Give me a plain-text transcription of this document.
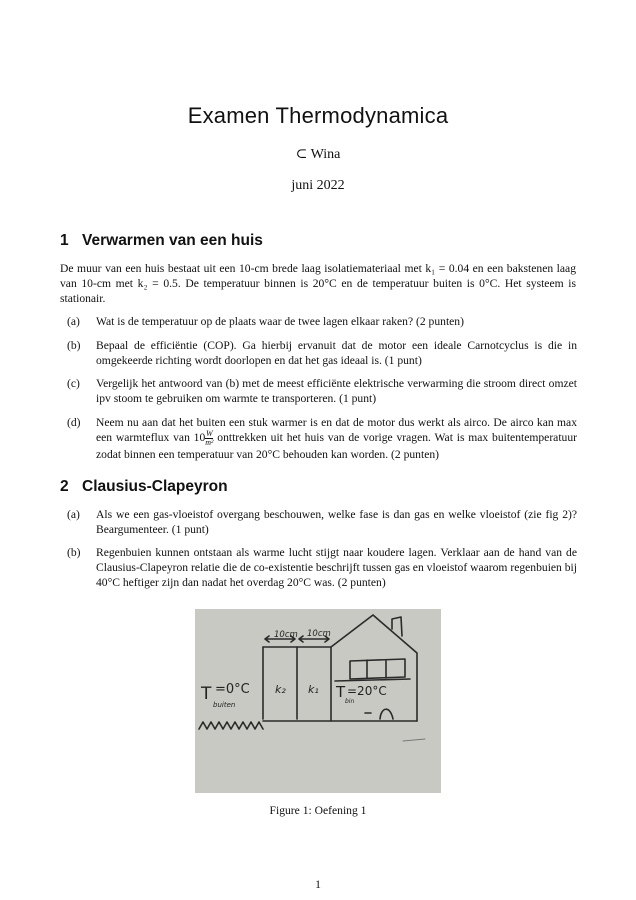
Examen Thermodynamica
⊂ Wina
juni 2022
1 Verwarmen van een huis
De muur van een huis bestaat uit een 10-cm brede laag isolatiemateriaal met k₁ = 0.04 en een bakstenen laag van 10-cm met k₂ = 0.5. De temperatuur binnen is 20°C en de temperatuur buiten is 0°C. Het systeem is stationair.
(a)	Wat is de temperatuur op de plaats waar de twee lagen elkaar raken? (2 punten)
(b)	Bepaal de efficiëntie (COP). Ga hierbij ervanuit dat de motor een ideale Carnotcyclus is die in omgekeerde richting wordt doorlopen en dat het gas ideaal is. (1 punt)
(c)	Vergelijk het antwoord van (b) met de meest efficiënte elektrische verwarming die stroom direct omzet ipv stoom te gebruiken om warmte te transporteren. (1 punt)
(d)	Neem nu aan dat het buiten een stuk warmer is en dat de motor dus werkt als airco. De airco kan max een warmteflux van $10 \frac{W}{\text{m²}}$ onttrekken uit het huis van de vorige vragen. Wat is max buitentemperatuur zodat binnen een temperatuur van 20°C behouden kan worden. (2 punten)
2 Clausius-Clapeyron
(a)	Als we een gas-vloeistof overgang beschouwen, welke fase is dan gas en welke vloeistof (zie fig 2)? Beargumenteer. (1 punt)
(b)	Regenbuien kunnen ontstaan als warme lucht stijgt naar koudere lagen. Verklaar aan de hand van de Clausius-Clapeyron relatie die de co-existentie beschrijft tussen gas en vloeistof waarom regenbuien bij 40°C heftiger zijn dan nadat het overdag 20°C was. (2 punten)
10cm 10cm
T
buiten
=0°C k₂ k₁ T
bin
=20°C
Figure 1: Oefening 1
1
